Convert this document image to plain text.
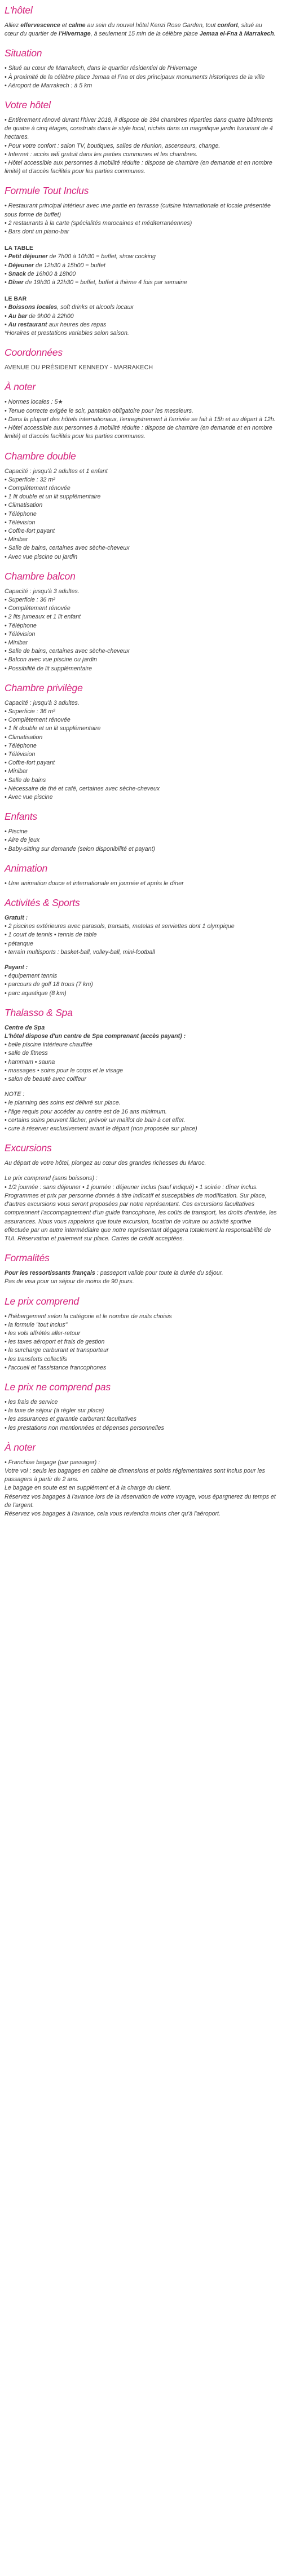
L'hôtel

Alliez effervescence et calme au sein du nouvel hôtel Kenzi Rose Garden, tout confort, situé au cœur du quartier de l'Hivernage, à seulement 15 min de la célèbre place Jemaa el-Fna à Marrakech.

Situation
• Situé au cœur de Marrakech, dans le quartier résidentiel de l'Hivernage
• À proximité de la célèbre place Jemaa el Fna et des principaux monuments historiques de la ville
• Aéroport de Marrakech : à 5 km
Votre hôtel
• Entièrement rénové durant l'hiver 2018, il dispose de 384 chambres réparties dans quatre bâtiments de quatre à cinq étages, construits dans le style local, nichés dans un magnifique jardin luxuriant de 4 hectares.
• Pour votre confort : salon TV, boutiques, salles de réunion, ascenseurs, change.
• Internet : accès wifi gratuit dans les parties communes et les chambres.
• Hôtel accessible aux personnes à mobilité réduite : dispose de chambre (en demande et en nombre limité) et d'accès facilités pour les parties communes.
Formule Tout Inclus
• Restaurant principal intérieur avec une partie en terrasse (cuisine internationale et locale présentée sous forme de buffet)
• 2 restaurants à la carte (spécialités marocaines et méditerranéennes)
• Bars dont un piano-bar
LA TABLE
• Petit déjeuner de 7h00 à 10h30 = buffet, show cooking
• Déjeuner de 12h30 à 15h00 = buffet
• Snack de 16h00 à 18h00
• Dîner de 19h30 à 22h30 = buffet, buffet à thème 4 fois par semaine
LE BAR
• Boissons locales, soft drinks et alcools locaux
• Au bar de 9h00 à 22h00
• Au restaurant aux heures des repas

*Horaires et prestations variables selon saison.

Coordonnées

AVENUE DU PRÉSIDENT KENNEDY - MARRAKECH

À noter
• Normes locales : 5★
• Tenue correcte exigée le soir, pantalon obligatoire pour les messieurs.
• Dans la plupart des hôtels internationaux, l'enregistrement à l'arrivée se fait à 15h et au départ à 12h.
• Hôtel accessible aux personnes à mobilité réduite : dispose de chambre (en demande et en nombre limité) et d'accès facilités pour les parties communes.
Chambre double
Capacité : jusqu'à 2 adultes et 1 enfant
• Superficie : 32 m²
• Complètement rénovée
• 1 lit double et un lit supplémentaire
• Climatisation
• Téléphone
• Télévision
• Coffre-fort payant
• Minibar
• Salle de bains, certaines avec sèche-cheveux
• Avec vue piscine ou jardin
Chambre balcon
Capacité : jusqu'à 3 adultes.
• Superficie : 36 m²
• Complètement rénovée
• 2 lits jumeaux et 1 lit enfant
• Téléphone
• Télévision
• Minibar
• Salle de bains, certaines avec sèche-cheveux
• Balcon avec vue piscine ou jardin
• Possibilité de lit supplémentaire
Chambre privilège
Capacité : jusqu'à 3 adultes.
• Superficie : 36 m²
• Complètement rénovée
• 1 lit double et un lit supplémentaire
• Climatisation
• Téléphone
• Télévision
• Coffre-fort payant
• Minibar
• Salle de bains
• Nécessaire de thé et café, certaines avec sèche-cheveux
• Avec vue piscine
Enfants
• Piscine
• Aire de jeux
• Baby-sitting sur demande (selon disponibilité et payant)
Animation
• Une animation douce et internationale en journée et après le dîner
Activités & Sports

Gratuit :

• 2 piscines extérieures avec parasols, transats, matelas et serviettes dont 1 olympique
• 1 court de tennis • tennis de table
• pétanque
• terrain multisports : basket-ball, volley-ball, mini-football

Payant :

• équipement tennis
• parcours de golf 18 trous (7 km)
• parc aquatique (8 km)
Thalasso & Spa

Centre de Spa

L'hôtel dispose d'un centre de Spa comprenant (accès payant) :

• belle piscine intérieure chauffée
• salle de fitness
• hammam • sauna
• massages • soins pour le corps et le visage
• salon de beauté avec coiffeur

NOTE :

• le planning des soins est délivré sur place.
• l'âge requis pour accéder au centre est de 16 ans minimum.
• certains soins peuvent fâcher, prévoir un maillot de bain à cet effet.
• cure à réserver exclusivement avant le départ (non proposée sur place)
Excursions

Au départ de votre hôtel, plongez au cœur des grandes richesses du Maroc.

Le prix comprend (sans boissons) :

• 1/2 journée : sans déjeuner • 1 journée : déjeuner inclus (sauf indiqué) • 1 soirée : dîner inclus.

Programmes et prix par personne donnés à titre indicatif et susceptibles de modification. Sur place, d'autres excursions vous seront proposées par notre représentant. Ces excursions facultatives comprennent l'accompagnement d'un guide francophone, les coûts de transport, les droits d'entrée, les assurances. Nous vous rappelons que toute excursion, location de voiture ou activité sportive effectuée par un autre intermédiaire que notre représentant dégagera totalement la responsabilité de TUI. Réservation et paiement sur place. Cartes de crédit acceptées.

Formalités

Pour les ressortissants français : passeport valide pour toute la durée du séjour.

Pas de visa pour un séjour de moins de 90 jours.

Le prix comprend
• l'hébergement selon la catégorie et le nombre de nuits choisis
• la formule "tout inclus"
• les vols affrétés aller-retour
• les taxes aéroport et frais de gestion
• la surcharge carburant et transporteur
• les transferts collectifs
• l'accueil et l'assistance francophones
Le prix ne comprend pas
• les frais de service
• la taxe de séjour (à régler sur place)
• les assurances et garantie carburant facultatives
• les prestations non mentionnées et dépenses personnelles
À noter
• Franchise bagage (par passager) :
Votre vol : seuls les bagages en cabine de dimensions et poids réglementaires sont inclus pour les passagers à partir de 2 ans.
Le bagage en soute est en supplément et à la charge du client.
Réservez vos bagages à l'avance lors de la réservation de votre voyage, vous épargnerez du temps et de l'argent.
Réservez vos bagages à l'avance, cela vous reviendra moins cher qu'à l'aéroport.
